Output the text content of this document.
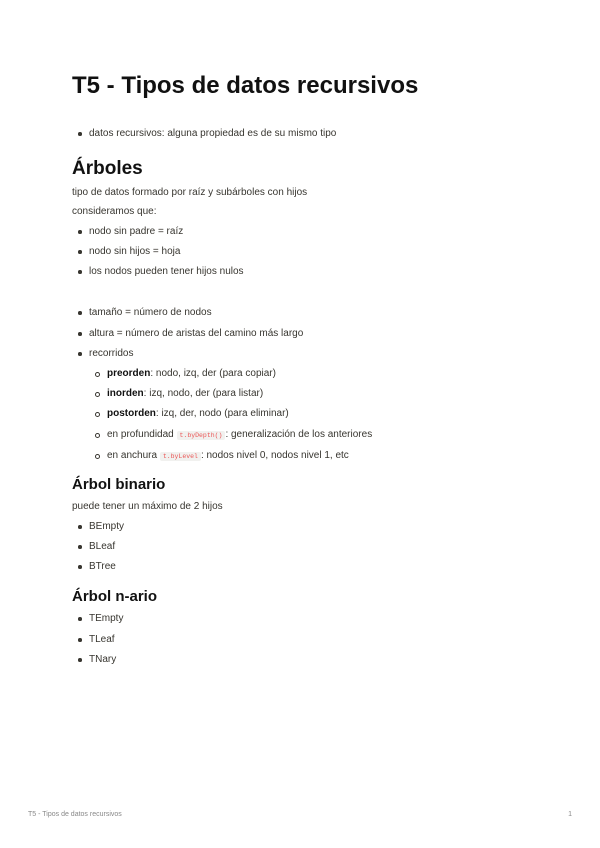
T5 - Tipos de datos recursivos
datos recursivos: alguna propiedad es de su mismo tipo
Árboles
tipo de datos formado por raíz y subárboles con hijos
consideramos que:
nodo sin padre = raíz
nodo sin hijos = hoja
los nodos pueden tener hijos nulos
tamaño = número de nodos
altura = número de aristas del camino más largo
recorridos
preorden: nodo, izq, der (para copiar)
inorden: izq, nodo, der (para listar)
postorden: izq, der, nodo (para eliminar)
en profundidad t.byDepth() : generalización de los anteriores
en anchura t.byLevel : nodos nivel 0, nodos nivel 1, etc
Árbol binario
puede tener un máximo de 2 hijos
BEmpty
BLeaf
BTree
Árbol n-ario
TEmpty
TLeaf
TNary
T5 - Tipos de datos recursivos	1
